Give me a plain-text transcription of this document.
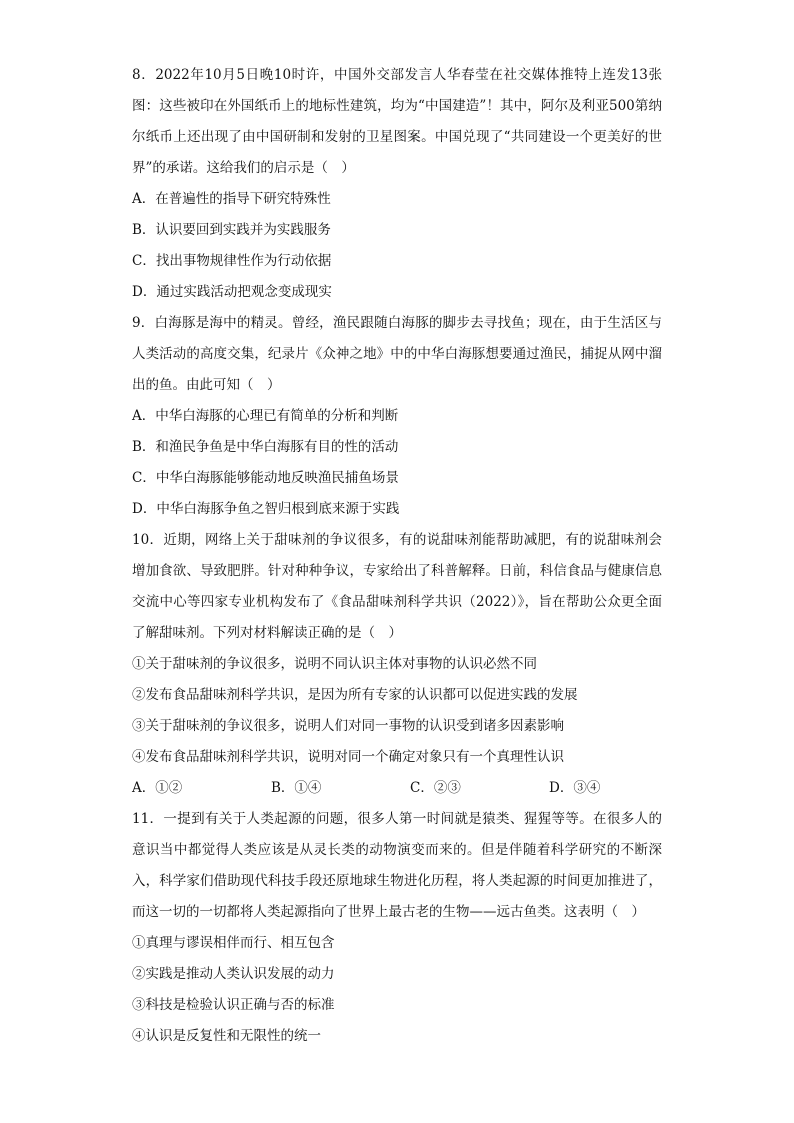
8．2022年10月5日晚10时许，中国外交部发言人华春莹在社交媒体推特上连发13张图：这些被印在外国纸币上的地标性建筑，均为“中国建造”！其中，阿尔及利亚500第纳尔纸币上还出现了由中国研制和发射的卫星图案。中国兑现了“共同建设一个更美好的世界”的承诺。这给我们的启示是（　）
A．在普遍性的指导下研究特殊性
B．认识要回到实践并为实践服务
C．找出事物规律性作为行动依据
D．通过实践活动把观念变成现实
9．白海豚是海中的精灵。曾经，渔民跟随白海豚的脚步去寻找鱼；现在，由于生活区与人类活动的高度交集，纪录片《众神之地》中的中华白海豚想要通过渔民，捕捉从网中溜出的鱼。由此可知（　）
A．中华白海豚的心理已有简单的分析和判断
B．和渔民争鱼是中华白海豚有目的性的活动
C．中华白海豚能够能动地反映渔民捕鱼场景
D．中华白海豚争鱼之智归根到底来源于实践
10．近期，网络上关于甜味剂的争议很多，有的说甜味剂能帮助减肥，有的说甜味剂会增加食欲、导致肥胖。针对种种争议，专家给出了科普解释。日前，科信食品与健康信息交流中心等四家专业机构发布了《食品甜味剂科学共识（2022）》，旨在帮助公众更全面了解甜味剂。下列对材料解读正确的是（　）
①关于甜味剂的争议很多，说明不同认识主体对事物的认识必然不同
②发布食品甜味剂科学共识，是因为所有专家的认识都可以促进实践的发展
③关于甜味剂的争议很多，说明人们对同一事物的认识受到诸多因素影响
④发布食品甜味剂科学共识，说明对同一个确定对象只有一个真理性认识
A．①②	B．①④	C．②③	D．③④
11．一提到有关于人类起源的问题，很多人第一时间就是猿类、猩猩等等。在很多人的意识当中都觉得人类应该是从灵长类的动物演变而来的。但是伴随着科学研究的不断深入，科学家们借助现代科技手段还原地球生物进化历程，将人类起源的时间更加推进了，而这一切的一切都将人类起源指向了世界上最古老的生物——远古鱼类。这表明（　）
①真理与谬误相伴而行、相互包含
②实践是推动人类认识发展的动力
③科技是检验认识正确与否的标准
④认识是反复性和无限性的统一
